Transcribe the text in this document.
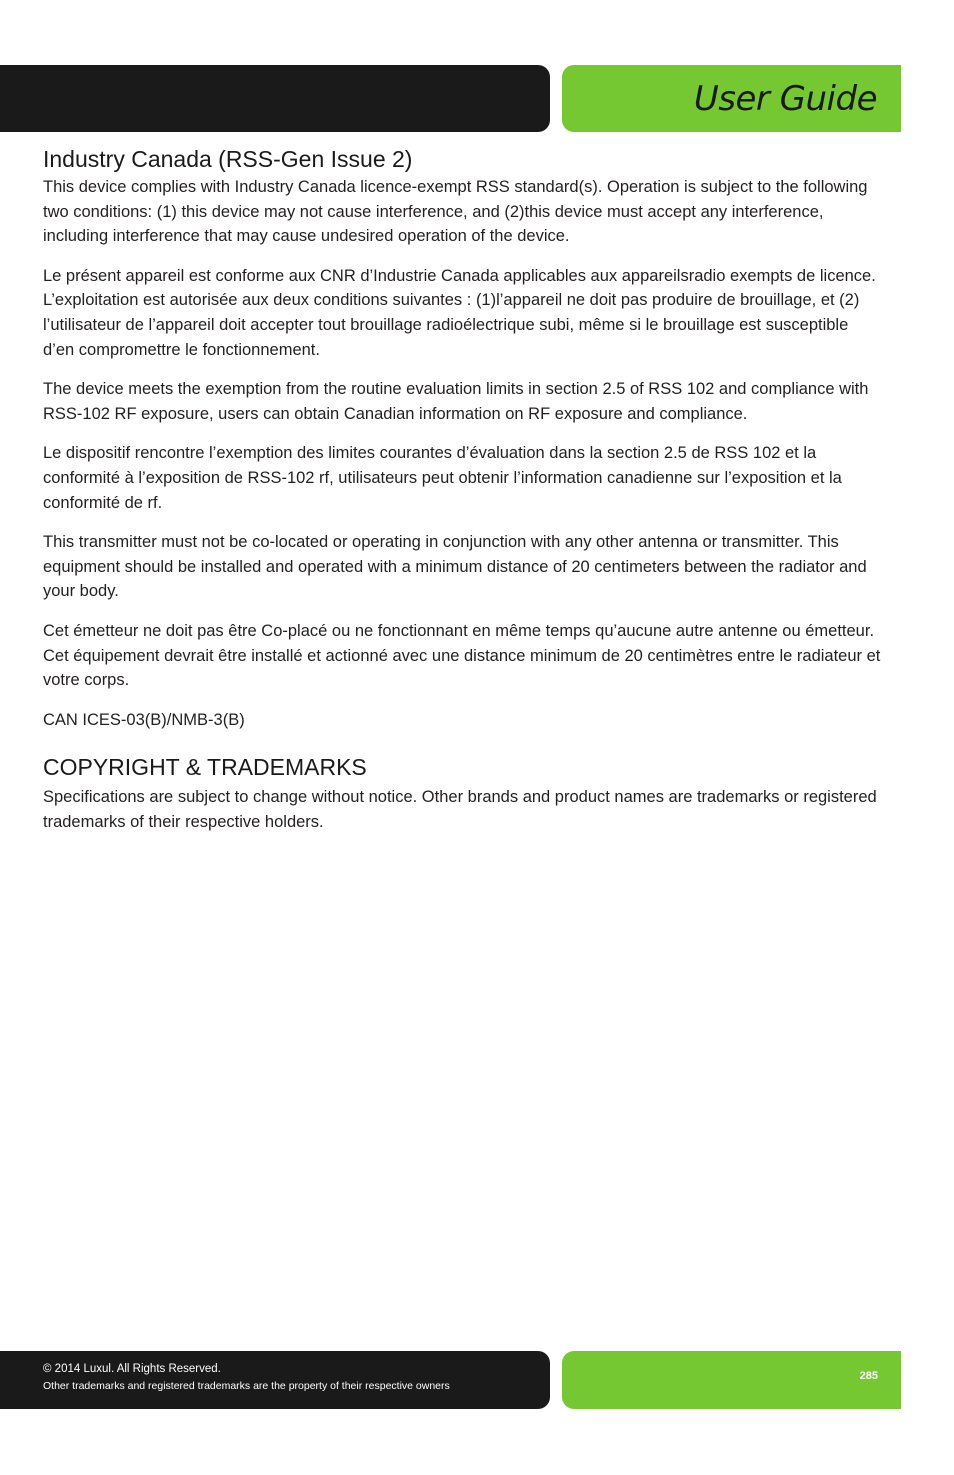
User Guide
Industry Canada (RSS-Gen Issue 2)

This device complies with Industry Canada licence-exempt RSS standard(s). Operation is subject to the following two conditions: (1) this device may not cause interference, and (2)this device must accept any interference, including interference that may cause undesired operation of the device.

Le présent appareil est conforme aux CNR d’Industrie Canada applicables aux appareilsradio exempts de licence. L’exploitation est autorisée aux deux conditions suivantes : (1)l’appareil ne doit pas produire de brouillage, et (2) l’utilisateur de l’appareil doit accepter tout brouillage radioélectrique subi, même si le brouillage est susceptible d’en compromettre le fonctionnement.

The device meets the exemption from the routine evaluation limits in section 2.5 of RSS 102 and compliance with RSS-102 RF exposure, users can obtain Canadian information on RF exposure and compliance.

Le dispositif rencontre l’exemption des limites courantes d’évaluation dans la section 2.5 de RSS 102 et la conformité à l’exposition de RSS-102 rf, utilisateurs peut obtenir l’information canadienne sur l’exposition et la conformité de rf.

This transmitter must not be co-located or operating in conjunction with any other antenna or transmitter. This equipment should be installed and operated with a minimum distance of 20 centimeters between the radiator and your body.

Cet émetteur ne doit pas être Co-placé ou ne fonctionnant en même temps qu’aucune autre antenne ou émetteur. Cet équipement devrait être installé et actionné avec une distance minimum de 20 centimètres entre le radiateur et votre corps.

CAN ICES-03(B)/NMB-3(B)

COPYRIGHT & TRADEMARKS

Specifications are subject to change without notice. Other brands and product names are trademarks or registered trademarks of their respective holders.

© 2014 Luxul. All Rights Reserved.
Other trademarks and registered trademarks are the property of their respective owners
285
